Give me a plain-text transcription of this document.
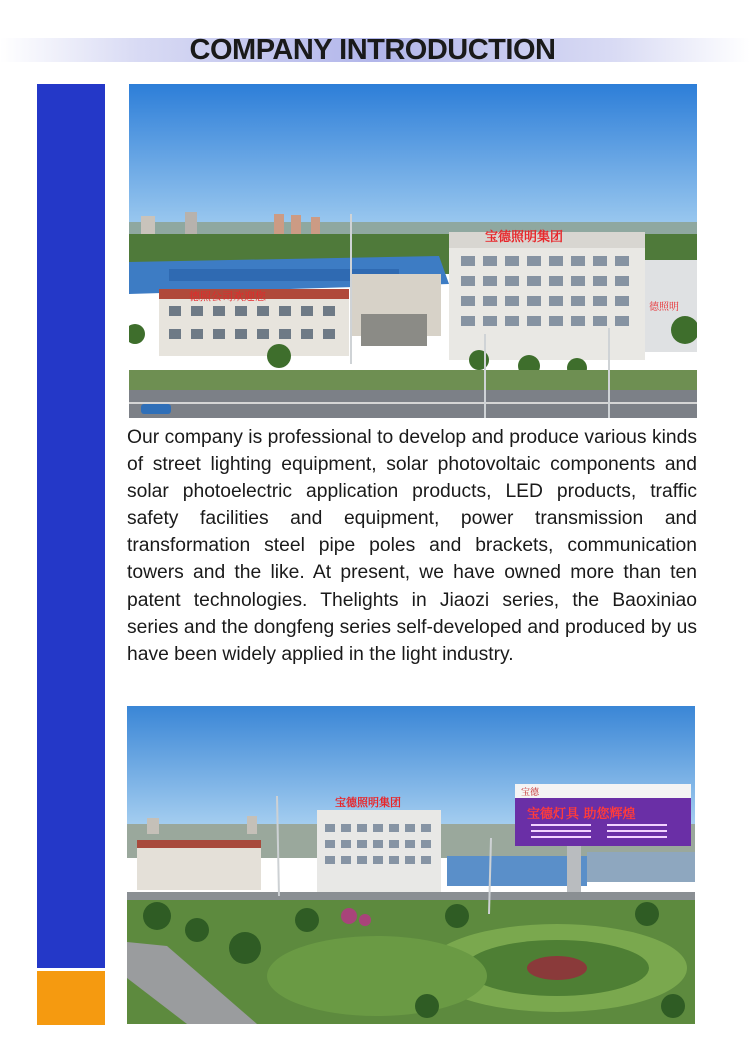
COMPANY INTRODUCTION
德照公司欢迎您
宝德照明集团
德照明

Our company is professional to develop and produce various kinds of street lighting equipment, solar photovoltaic components and solar photoelectric application products, LED products, traffic safety facilities and equipment, power transmission and transformation steel pipe poles and brackets, communication towers and the like. At present, we have owned more than ten patent technologies. Thelights in Jiaozi series, the Baoxiniao series and the dongfeng series self-developed and produced by us have been widely applied in the light industry.

宝德照明集团
宝德
宝德灯具 助您辉煌
